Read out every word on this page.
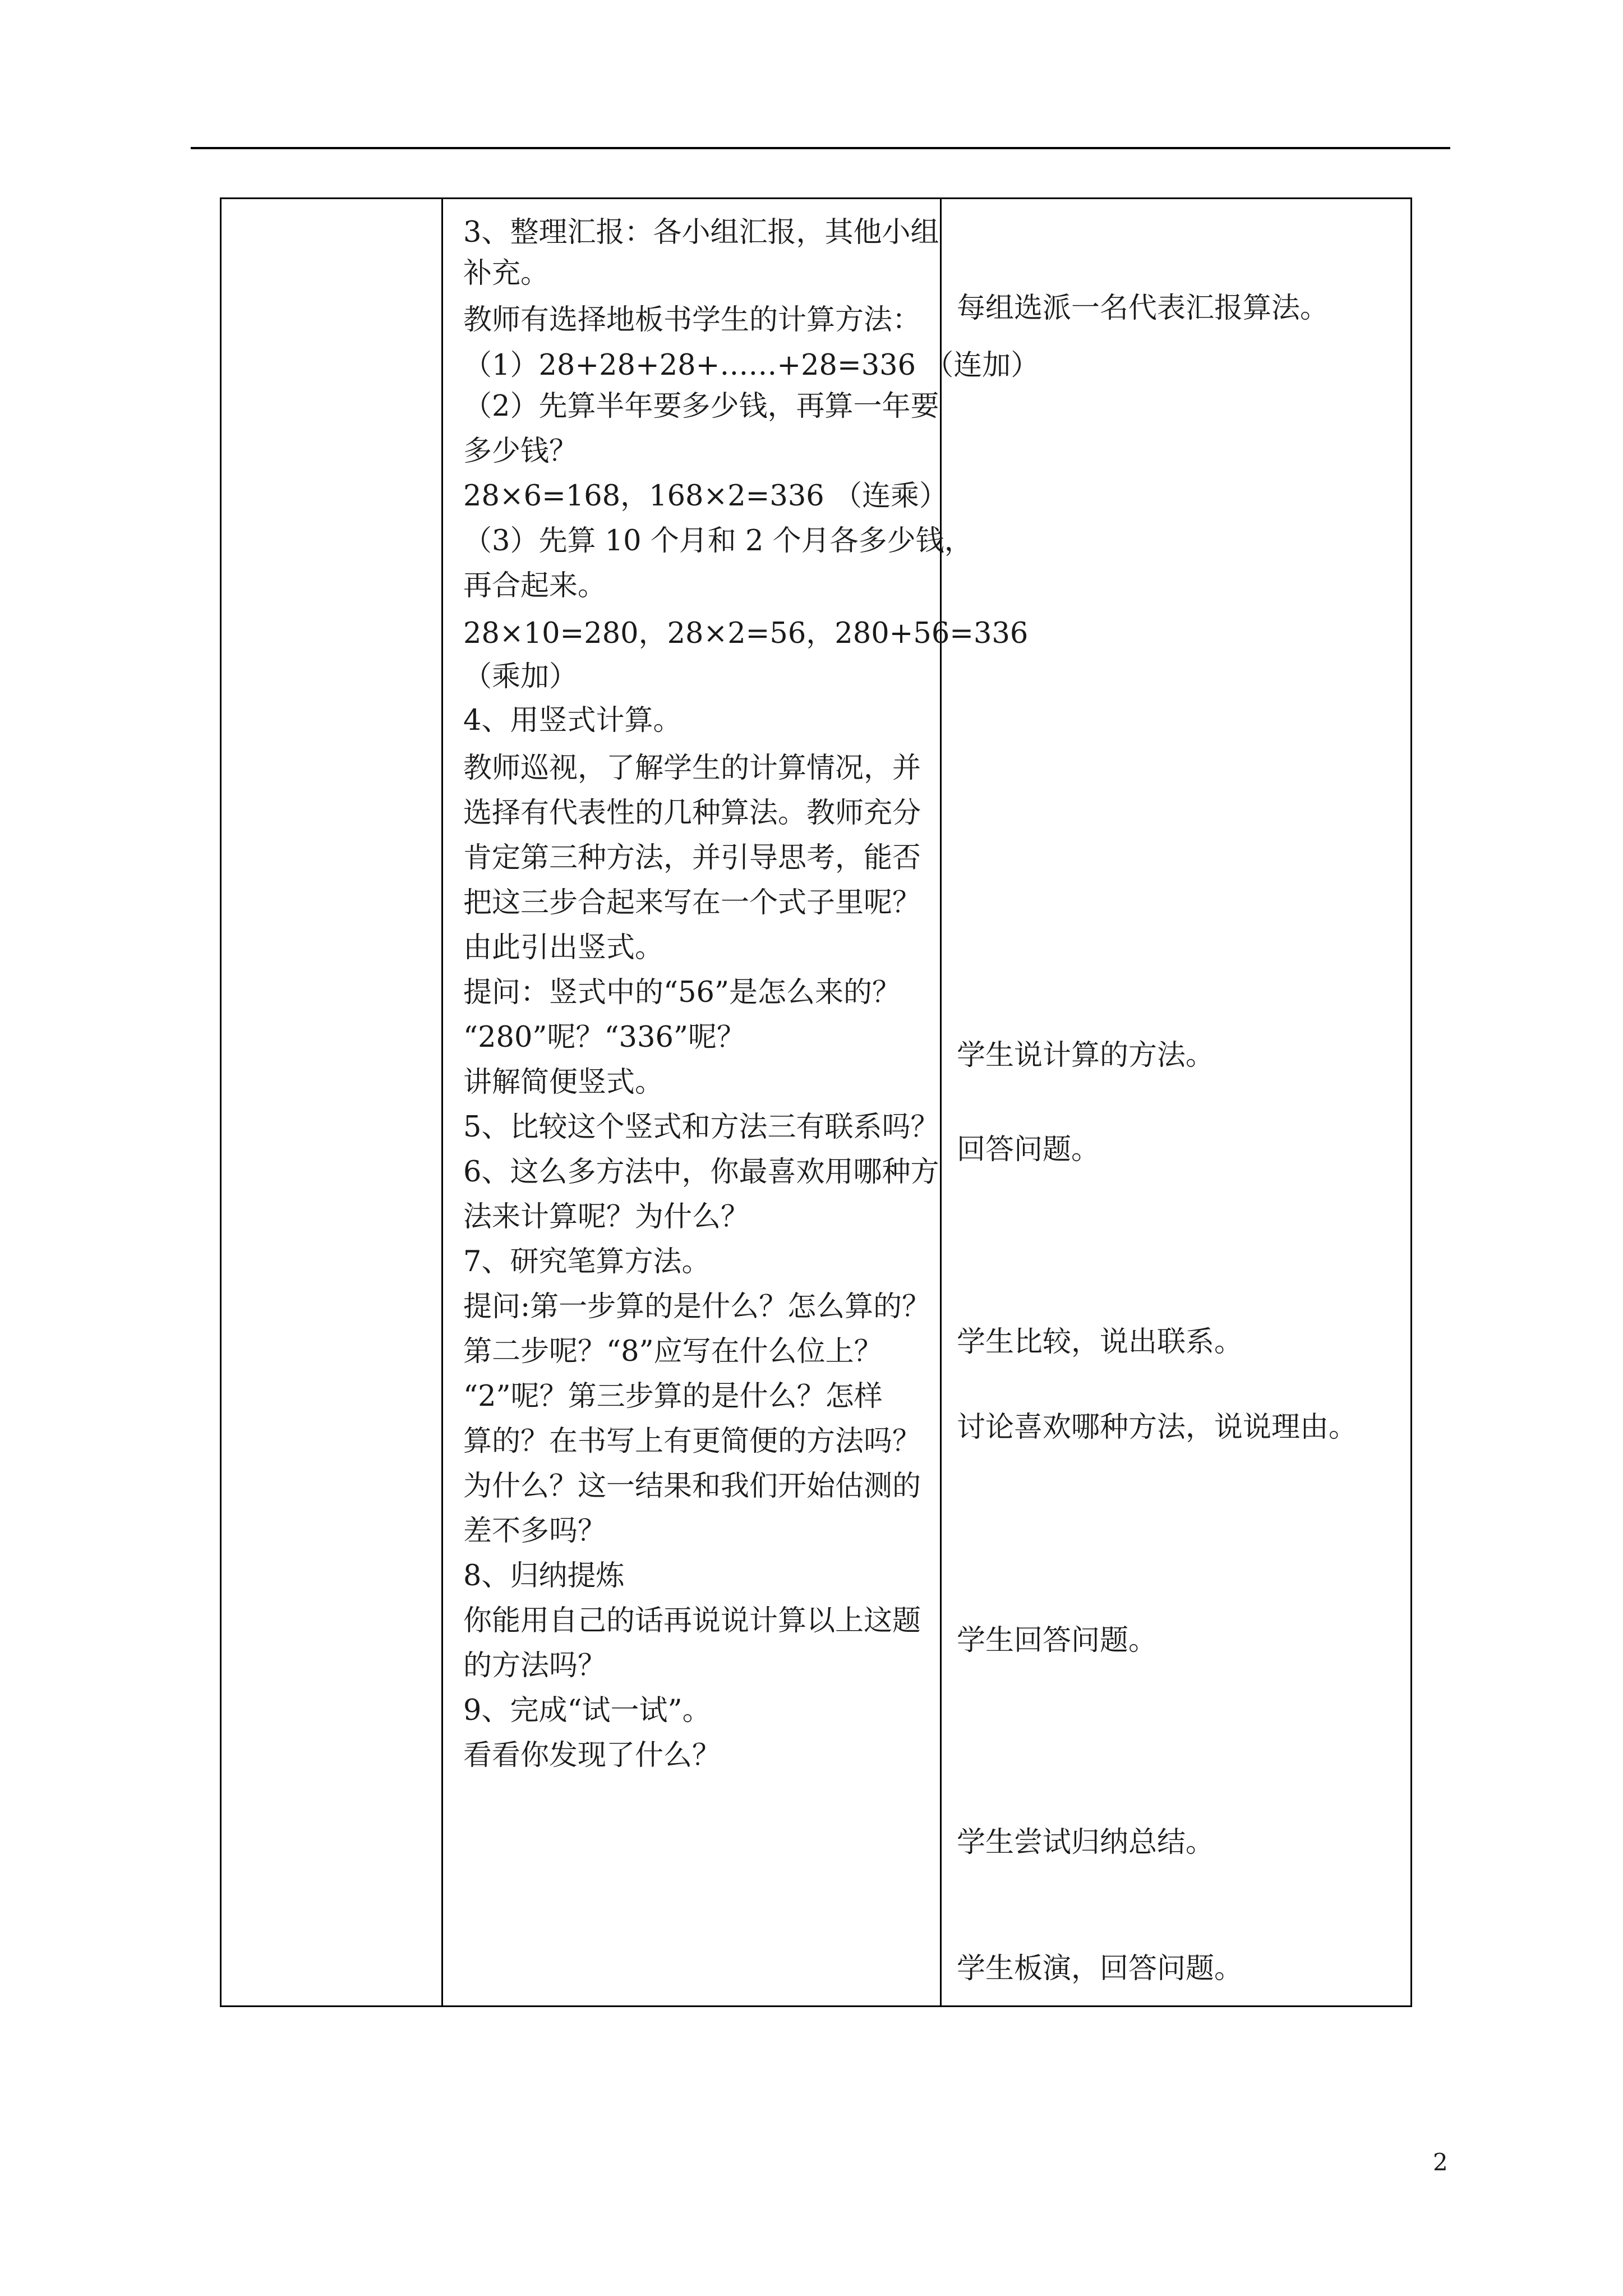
3、整理汇报：各小组汇报，其他小组
补充。
教师有选择地板书学生的计算方法：
（1）28+28+28+……+28=336 （连加）
（2）先算半年要多少钱，再算一年要
多少钱？
28×6=168，168×2=336 （连乘）
（3）先算 10 个月和 2 个月各多少钱，
再合起来。
28×10=280，28×2=56，280+56=336
（乘加）
4、用竖式计算。
教师巡视，了解学生的计算情况，并
选择有代表性的几种算法。教师充分
肯定第三种方法，并引导思考，能否
把这三步合起来写在一个式子里呢？
由此引出竖式。
提问：竖式中的“56”是怎么来的？
“280”呢？“336”呢？
讲解简便竖式。
5、比较这个竖式和方法三有联系吗？
6、这么多方法中，你最喜欢用哪种方
法来计算呢？为什么？
7、研究笔算方法。
提问:第一步算的是什么？怎么算的？
第二步呢？“8”应写在什么位上？
“2”呢？第三步算的是什么？怎样
算的？在书写上有更简便的方法吗？
为什么？这一结果和我们开始估测的
差不多吗？
8、归纳提炼
你能用自己的话再说说计算以上这题
的方法吗？
9、完成“试一试”。
看看你发现了什么？
每组选派一名代表汇报算法。
学生说计算的方法。
回答问题。
学生比较，说出联系。
讨论喜欢哪种方法，说说理由。
学生回答问题。
学生尝试归纳总结。
学生板演，回答问题。
2
